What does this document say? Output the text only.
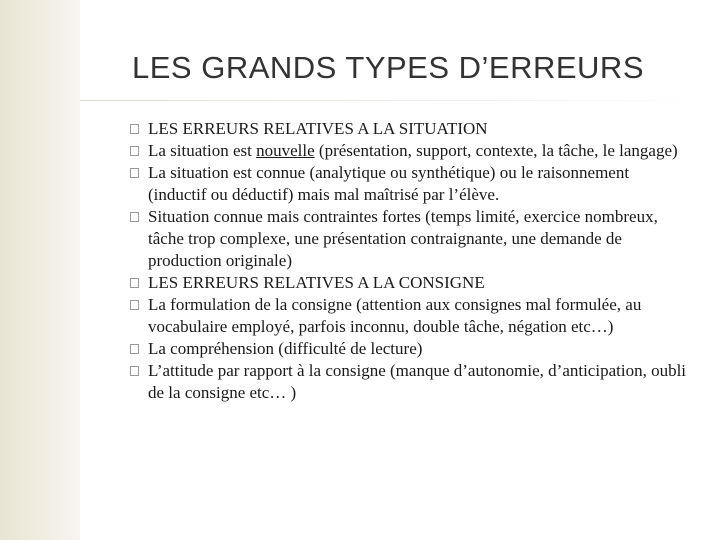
LES GRANDS TYPES D’ERREURS
LES ERREURS RELATIVES A LA SITUATION
La situation est nouvelle (présentation, support, contexte, la tâche, le langage)
La situation est connue (analytique ou synthétique) ou le raisonnement (inductif ou déductif) mais mal maîtrisé par l’élève.
Situation connue mais contraintes fortes (temps limité, exercice nombreux, tâche trop complexe, une présentation contraignante, une demande de production originale)
LES ERREURS RELATIVES A LA CONSIGNE
La formulation de la consigne (attention aux consignes mal formulée, au vocabulaire employé, parfois inconnu, double tâche, négation etc…)
La compréhension (difficulté de lecture)
L’attitude par rapport à la consigne (manque d’autonomie, d’anticipation, oubli de la consigne etc… )
